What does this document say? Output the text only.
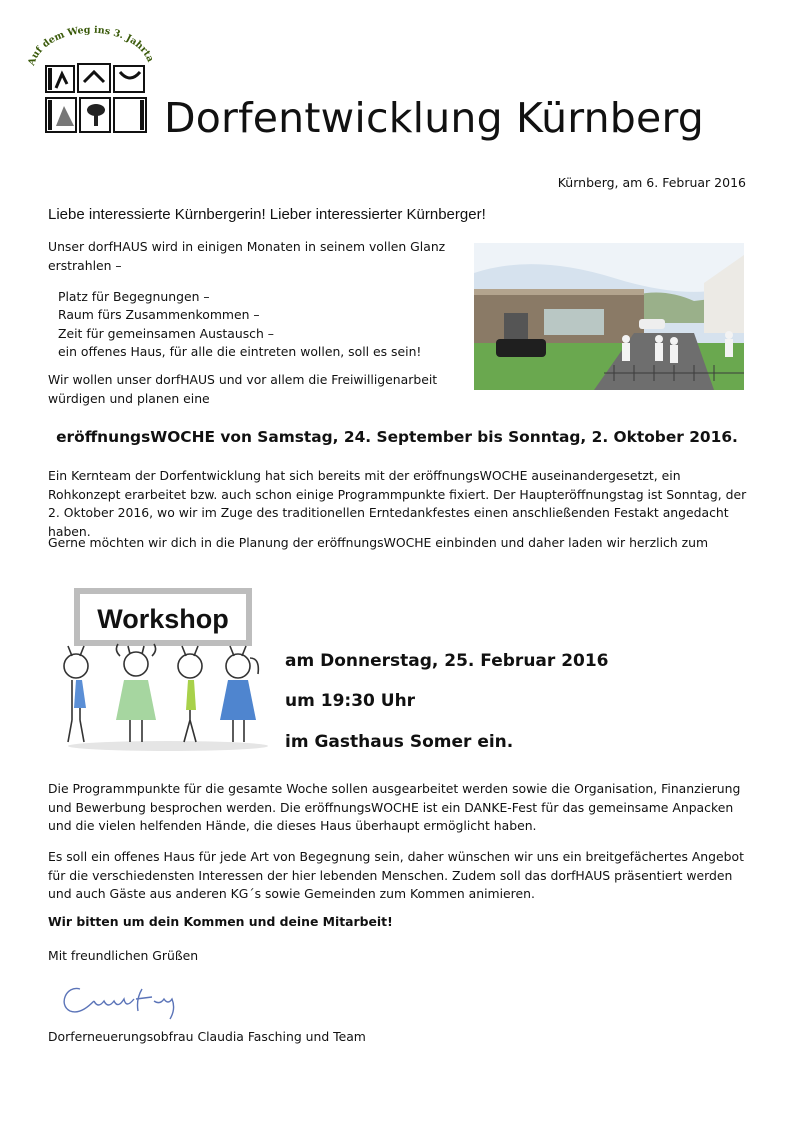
Auf dem Weg ins 3. Jahrt
Dorfentwicklung Kürnberg
Kürnberg, am 6. Februar 2016
Liebe interessierte Kürnbergerin! Lieber interessierter Kürnberger!
Unser dorfHAUS wird in einigen Monaten in seinem vollen Glanz erstrahlen –
Platz für Begegnungen –
Raum fürs Zusammenkommen –
Zeit für gemeinsamen Austausch –
ein offenes Haus, für alle die eintreten wollen, soll es sein!
Wir wollen unser dorfHAUS und vor allem die Freiwilligenarbeit würdigen und planen eine
eröffnungsWOCHE von Samstag, 24. September bis Sonntag, 2. Oktober 2016.
Ein Kernteam der Dorfentwicklung hat sich bereits mit der eröffnungsWOCHE auseinandergesetzt, ein Rohkonzept erarbeitet bzw. auch schon einige Programmpunkte fixiert. Der Haupteröffnungstag ist Sonntag, der 2. Oktober 2016, wo wir im Zuge des traditionellen Erntedankfestes einen anschließenden Festakt angedacht haben.
Gerne möchten wir dich in die Planung der eröffnungsWOCHE einbinden und daher laden wir herzlich zum
Workshop
am Donnerstag, 25. Februar 2016
um 19:30 Uhr
im Gasthaus Somer ein.
Die Programmpunkte für die gesamte Woche sollen ausgearbeitet werden sowie die Organisation, Finanzierung und Bewerbung besprochen werden. Die eröffnungsWOCHE ist ein DANKE-Fest für das gemeinsame Anpacken und die vielen helfenden Hände, die dieses Haus überhaupt ermöglicht haben.
Es soll ein offenes Haus für jede Art von Begegnung sein, daher wünschen wir uns ein breitgefächertes Angebot für die verschiedensten Interessen der hier lebenden Menschen. Zudem soll das dorfHAUS präsentiert werden und auch Gäste aus anderen KG´s sowie Gemeinden zum Kommen animieren.
Wir bitten um dein Kommen und deine Mitarbeit!
Mit freundlichen Grüßen
Dorferneuerungsobfrau Claudia Fasching und Team
